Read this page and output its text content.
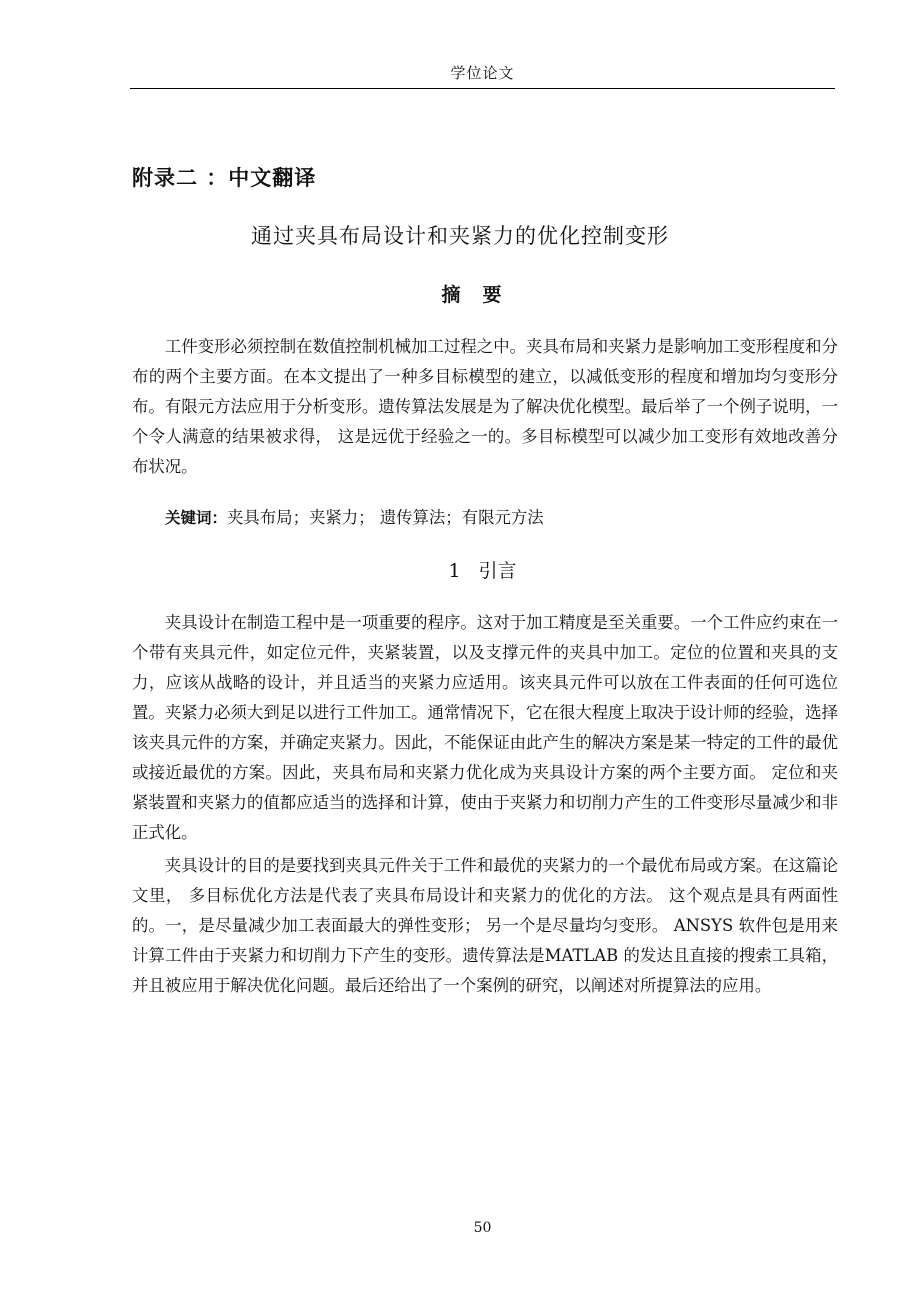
学位论文
附录二 ：中文翻译
通过夹具布局设计和夹紧力的优化控制变形
摘要

工件变形必须控制在数值控制机械加工过程之中。夹具布局和夹紧力是影响加工变形程度和分布的两个主要方面。在本文提出了一种多目标模型的建立，以减低变形的程度和增加均匀变形分布。有限元方法应用于分析变形。遗传算法发展是为了解决优化模型。最后举了一个例子说明，一个令人满意的结果被求得， 这是远优于经验之一的。多目标模型可以减少加工变形有效地改善分布状况。

关键词：夹具布局；夹紧力； 遗传算法；有限元方法
1 引言

夹具设计在制造工程中是一项重要的程序。这对于加工精度是至关重要。一个工件应约束在一个带有夹具元件，如定位元件，夹紧装置，以及支撑元件的夹具中加工。定位的位置和夹具的支力，应该从战略的设计，并且适当的夹紧力应适用。该夹具元件可以放在工件表面的任何可选位置。夹紧力必须大到足以进行工件加工。通常情况下，它在很大程度上取决于设计师的经验，选择该夹具元件的方案，并确定夹紧力。因此，不能保证由此产生的解决方案是某一特定的工件的最优或接近最优的方案。因此，夹具布局和夹紧力优化成为夹具设计方案的两个主要方面。 定位和夹紧装置和夹紧力的值都应适当的选择和计算，使由于夹紧力和切削力产生的工件变形尽量减少和非正式化。

夹具设计的目的是要找到夹具元件关于工件和最优的夹紧力的一个最优布局或方案。在这篇论文里， 多目标优化方法是代表了夹具布局设计和夹紧力的优化的方法。 这个观点是具有两面性的。一，是尽量减少加工表面最大的弹性变形； 另一个是尽量均匀变形。 ANSYS 软件包是用来计算工件由于夹紧力和切削力下产生的变形。遗传算法是MATLAB 的发达且直接的搜索工具箱，并且被应用于解决优化问题。最后还给出了一个案例的研究，以阐述对所提算法的应用。

50
